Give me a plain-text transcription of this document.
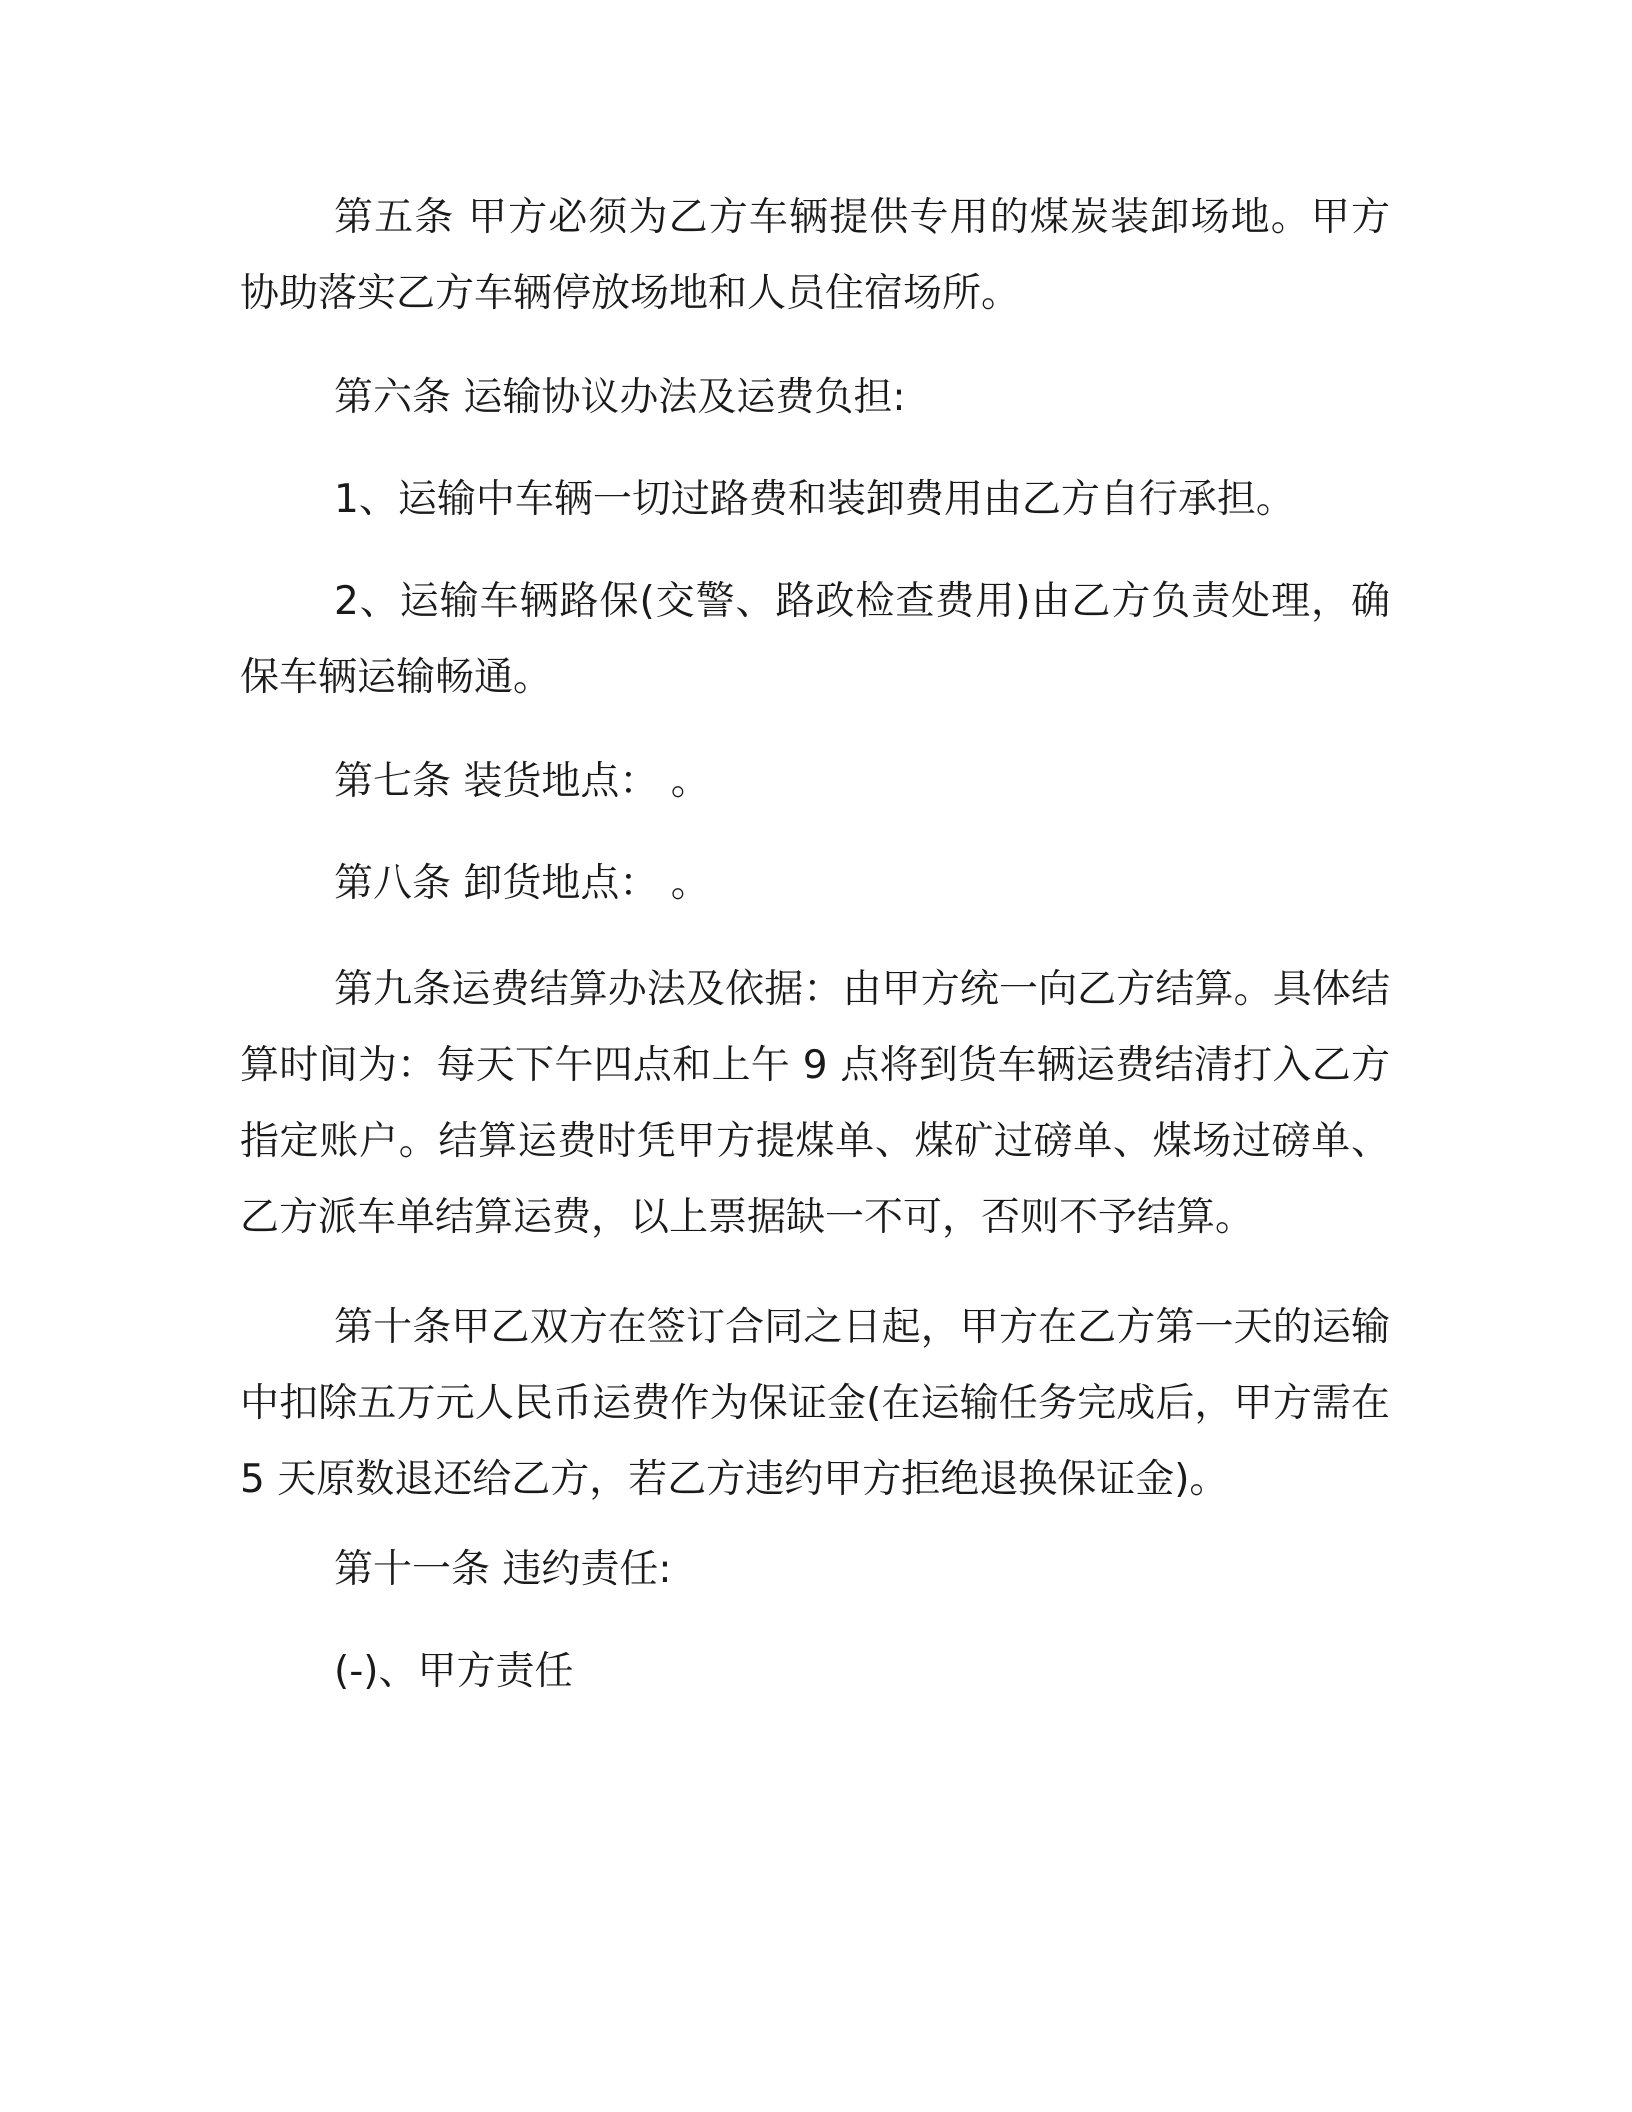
第五条 甲方必须为乙方车辆提供专用的煤炭装卸场地。甲方协助落实乙方车辆停放场地和人员住宿场所。

第六条 运输协议办法及运费负担:

1、运输中车辆一切过路费和装卸费用由乙方自行承担。

2、运输车辆路保(交警、路政检查费用)由乙方负责处理，确保车辆运输畅通。

第七条 装货地点： 。

第八条 卸货地点： 。

第九条运费结算办法及依据：由甲方统一向乙方结算。具体结算时间为：每天下午四点和上午 9 点将到货车辆运费结清打入乙方指定账户。结算运费时凭甲方提煤单、煤矿过磅单、煤场过磅单、乙方派车单结算运费，以上票据缺一不可，否则不予结算。

第十条甲乙双方在签订合同之日起，甲方在乙方第一天的运输中扣除五万元人民币运费作为保证金(在运输任务完成后，甲方需在 5 天原数退还给乙方，若乙方违约甲方拒绝退换保证金)。

第十一条 违约责任:

(-)、甲方责任
